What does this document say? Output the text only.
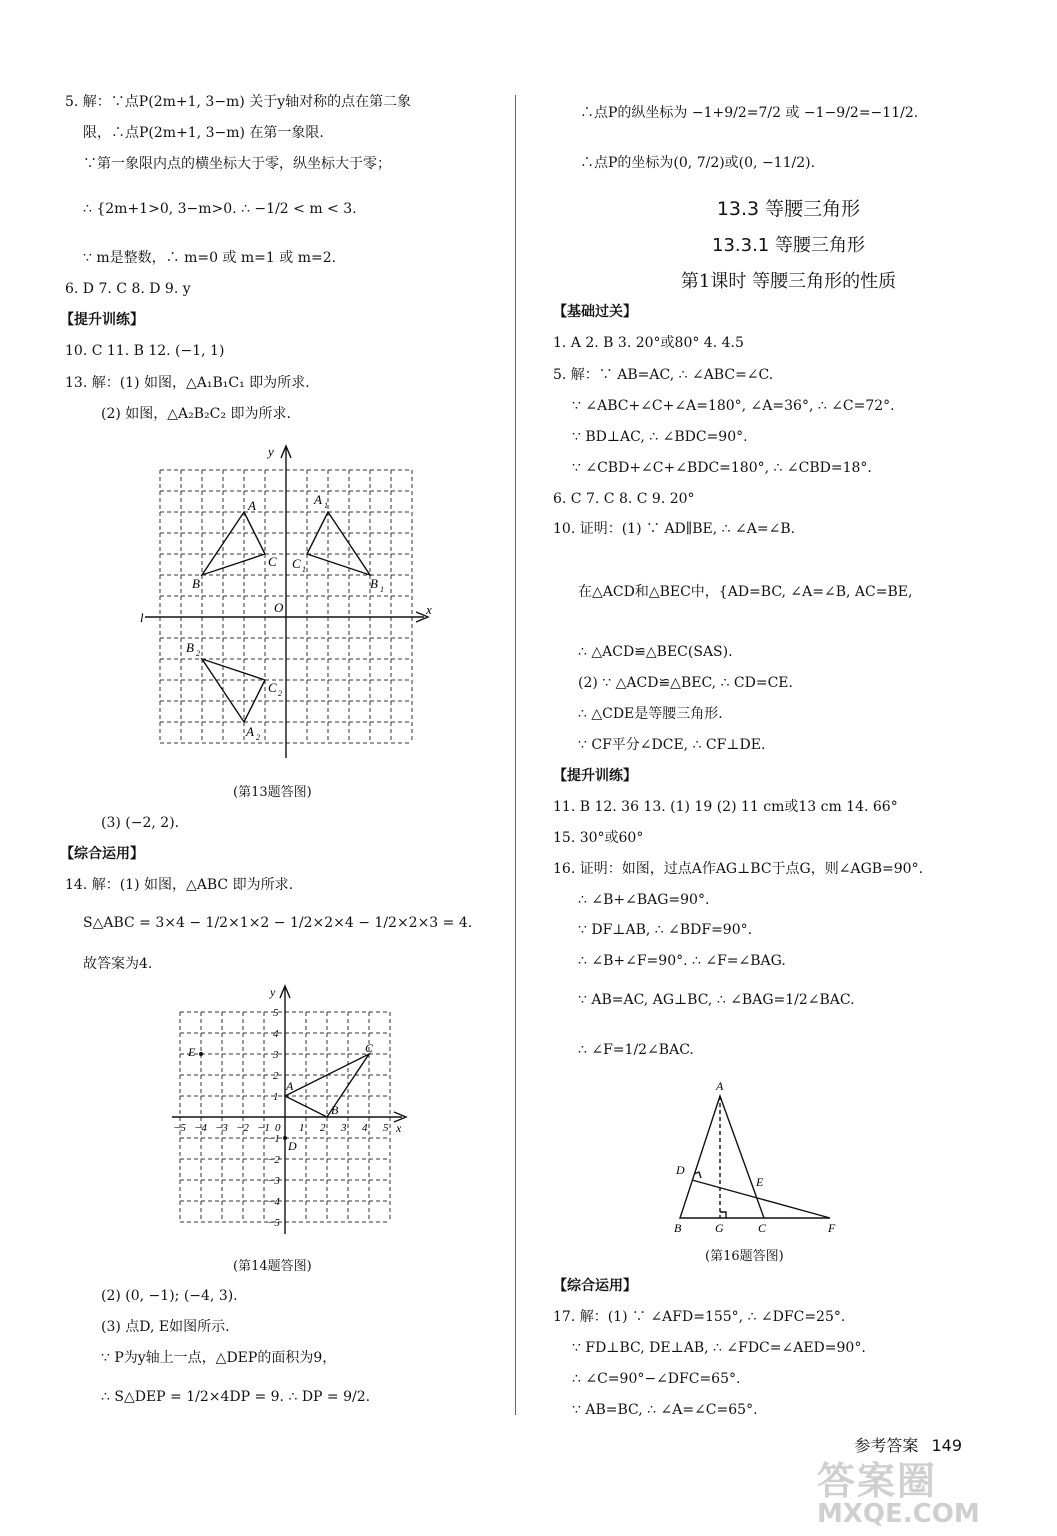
5. 解：∵点P(2m+1, 3−m) 关于y轴对称的点在第二象
限，∴点P(2m+1, 3−m) 在第一象限.
∵第一象限内点的横坐标大于零，纵坐标大于零；
∴ {2m+1>0, 3−m>0. ∴ −1/2 < m < 3.
∵ m是整数，∴ m=0 或 m=1 或 m=2.
6. D 7. C 8. D 9. y
【提升训练】
10. C 11. B 12. (−1, 1)
13. 解：(1) 如图，△A₁B₁C₁ 即为所求.
(2) 如图，△A₂B₂C₂ 即为所求.
y
x
O
l
A
B
C
A 1
C 1
B 1
B 2
C 2
A 2
(第13题答图)
(3) (−2, 2).
【综合运用】
14. 解：(1) 如图，△ABC 即为所求.
S△ABC = 3×4 − 1/2×1×2 − 1/2×2×4 − 1/2×2×3 = 4.
故答案为4.
y
x
E	C
A
B
D
−5 −4 −3 −2 −1 0 1 2 3 4 5
5
4
3
2
1
−1
−2
−3
−4
−5
(第14题答图)
(2) (0, −1); (−4, 3).
(3) 点D, E如图所示.
∵ P为y轴上一点，△DEP的面积为9，
∴ S△DEP = 1/2×4DP = 9. ∴ DP = 9/2.
∴点P的纵坐标为 −1+9/2=7/2 或 −1−9/2=−11/2.
∴点P的坐标为(0, 7/2)或(0, −11/2).
13.3 等腰三角形
13.3.1 等腰三角形
第1课时 等腰三角形的性质
【基础过关】
1. A 2. B 3. 20°或80° 4. 4.5
5. 解：∵ AB=AC, ∴ ∠ABC=∠C.
∵ ∠ABC+∠C+∠A=180°, ∠A=36°, ∴ ∠C=72°.
∵ BD⊥AC, ∴ ∠BDC=90°.
∵ ∠CBD+∠C+∠BDC=180°, ∴ ∠CBD=18°.
6. C 7. C 8. C 9. 20°
10. 证明：(1) ∵ AD∥BE, ∴ ∠A=∠B.
在△ACD和△BEC中，{AD=BC, ∠A=∠B, AC=BE,
∴ △ACD≌△BEC(SAS).
(2) ∵ △ACD≌△BEC, ∴ CD=CE.
∴ △CDE是等腰三角形.
∵ CF平分∠DCE, ∴ CF⊥DE.
【提升训练】
11. B 12. 36 13. (1) 19 (2) 11 cm或13 cm 14. 66°
15. 30°或60°
16. 证明：如图，过点A作AG⊥BC于点G，则∠AGB=90°.
∴ ∠B+∠BAG=90°.
∵ DF⊥AB, ∴ ∠BDF=90°.
∴ ∠B+∠F=90°. ∴ ∠F=∠BAG.
∵ AB=AC, AG⊥BC, ∴ ∠BAG=1/2∠BAC.
∴ ∠F=1/2∠BAC.
A
D
E
B	G	C	F
(第16题答图)
【综合运用】
17. 解：(1) ∵ ∠AFD=155°, ∴ ∠DFC=25°.
∵ FD⊥BC, DE⊥AB, ∴ ∠FDC=∠AED=90°.
∴ ∠C=90°−∠DFC=65°.
∵ AB=BC, ∴ ∠A=∠C=65°.
参考答案 149
答案圈
MXQE.COM
